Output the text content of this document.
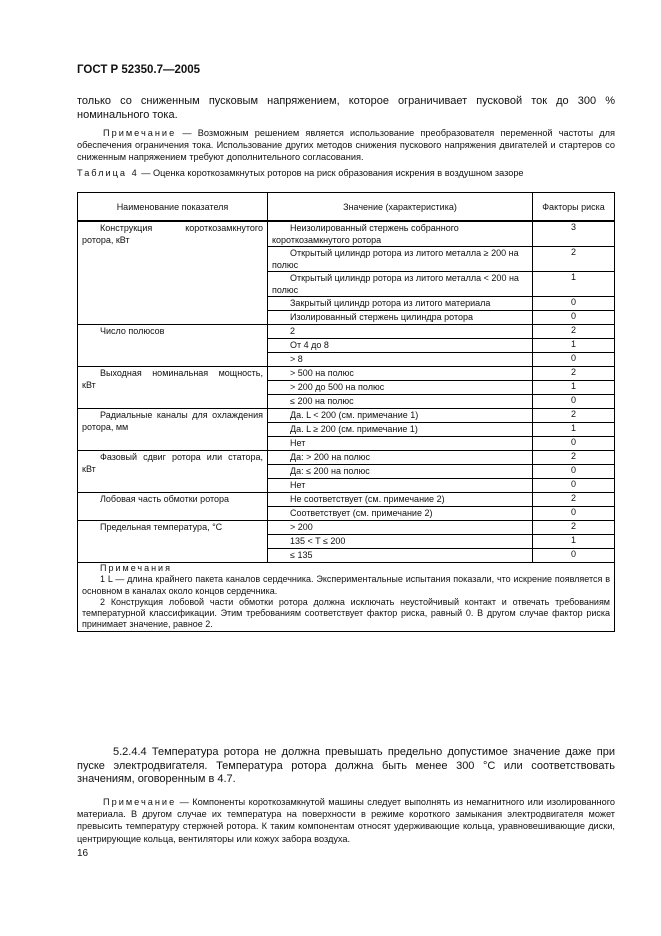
ГОСТ Р 52350.7—2005
только со сниженным пусковым напряжением, которое ограничивает пусковой ток до 300 % номинального тока.
Примечание — Возможным решением является использование преобразователя переменной частоты для обеспечения ограничения тока. Использование других методов снижения пускового напряжения двигателей и стартеров со сниженным напряжением требуют дополнительного согласования.
Таблица 4 — Оценка короткозамкнутых роторов на риск образования искрения в воздушном зазоре
Наименование показателя	Значение (характеристика)	Факторы риска
Конструкция короткозамкнутого ротора, кВт	Неизолированный стержень собранного короткозамкнутого ротора	3
	Открытый цилиндр ротора из литого металла ≥ 200 на полюс	2
	Открытый цилиндр ротора из литого металла < 200 на полюс	1
	Закрытый цилиндр ротора из литого материала	0
	Изолированный стержень цилиндра ротора	0
Число полюсов	2	2
	От 4 до 8	1
	> 8	0
Выходная номинальная мощность, кВт	> 500 на полюс	2
	> 200 до 500 на полюс	1
	≤ 200 на полюс	0
Радиальные каналы для охлаждения ротора, мм	Да. L < 200 (см. примечание 1)	2
	Да. L ≥ 200 (см. примечание 1)	1
	Нет	0
Фазовый сдвиг ротора или статора, кВт	Да: > 200 на полюс	2
	Да: ≤ 200 на полюс	0
	Нет	0
Лобовая часть обмотки ротора	Не соответствует (см. примечание 2)	2
	Соответствует (см. примечание 2)	0
Предельная температура, °С	> 200	2
	135 < T ≤ 200	1
	≤ 135	0

Примечания

1 L — длина крайнего пакета каналов сердечника. Экспериментальные испытания показали, что искрение появляется в основном в каналах около концов сердечника.

2 Конструкция лобовой части обмотки ротора должна исключать неустойчивый контакт и отвечать требованиям температурной классификации. Этим требованиям соответствует фактор риска, равный 0. В другом случае фактор риска принимает значение, равное 2.		

5.2.4.4 Температура ротора не должна превышать предельно допустимое значение даже при пуске электродвигателя. Температура ротора должна быть менее 300 °С или соответствовать значениям, оговоренным в 4.7.
Примечание — Компоненты короткозамкнутой машины следует выполнять из немагнитного или изолированного материала. В другом случае их температура на поверхности в режиме короткого замыкания электродвигателя может превысить температуру стержней ротора. К таким компонентам относят удерживающие кольца, уравновешивающие диски, центрирующие кольца, вентиляторы или кожух забора воздуха.
16
